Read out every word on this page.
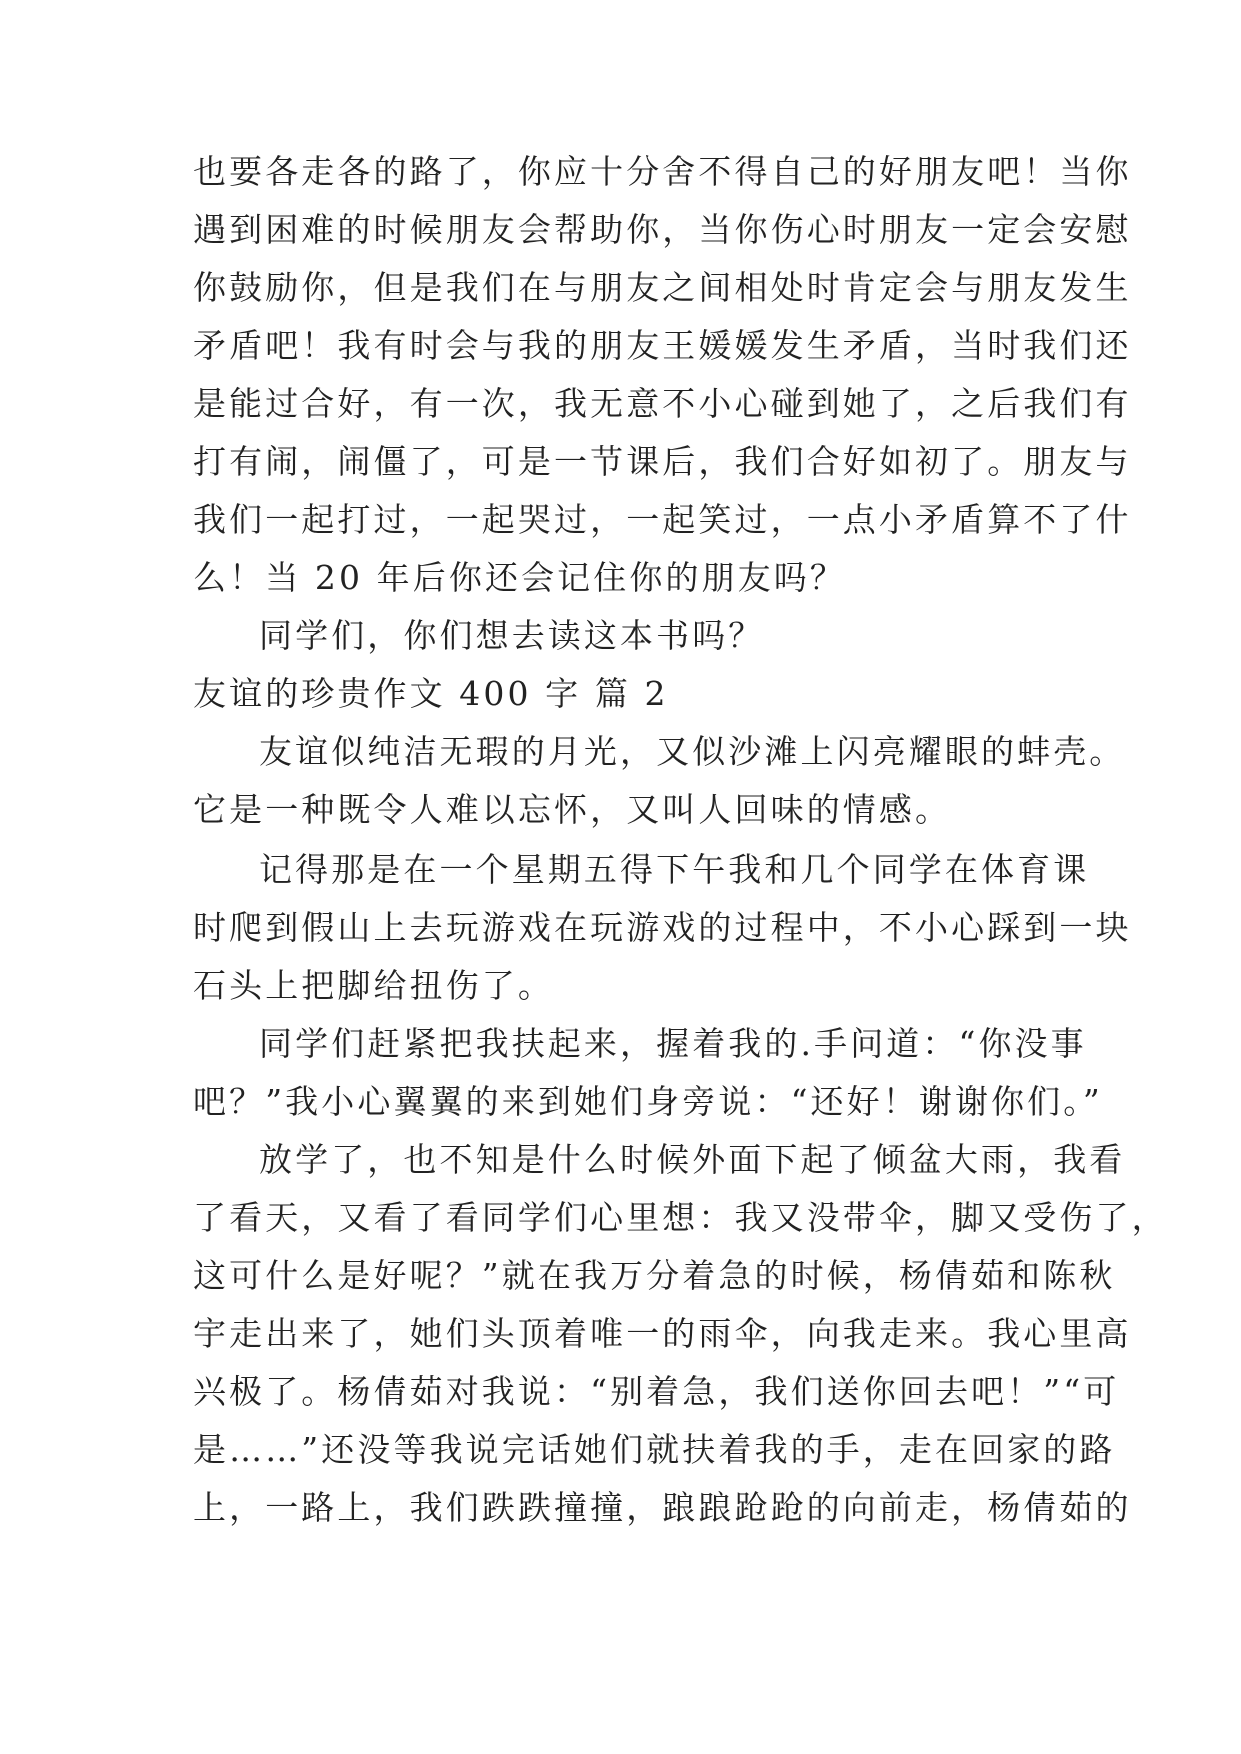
也要各走各的路了，你应十分舍不得自己的好朋友吧！当你
遇到困难的时候朋友会帮助你，当你伤心时朋友一定会安慰
你鼓励你，但是我们在与朋友之间相处时肯定会与朋友发生
矛盾吧！我有时会与我的朋友王媛媛发生矛盾，当时我们还
是能过合好，有一次，我无意不小心碰到她了，之后我们有
打有闹，闹僵了，可是一节课后，我们合好如初了。朋友与
我们一起打过，一起哭过，一起笑过，一点小矛盾算不了什
么！当 20 年后你还会记住你的朋友吗？
同学们，你们想去读这本书吗？
友谊的珍贵作文 400 字 篇 2
友谊似纯洁无瑕的月光，又似沙滩上闪亮耀眼的蚌壳。
它是一种既令人难以忘怀，又叫人回味的情感。
记得那是在一个星期五得下午我和几个同学在体育课
时爬到假山上去玩游戏在玩游戏的过程中，不小心踩到一块
石头上把脚给扭伤了。
同学们赶紧把我扶起来，握着我的.手问道：“你没事
吧？”我小心翼翼的来到她们身旁说：“还好！谢谢你们。”
放学了，也不知是什么时候外面下起了倾盆大雨，我看
了看天，又看了看同学们心里想：我又没带伞，脚又受伤了，
这可什么是好呢？”就在我万分着急的时候，杨倩茹和陈秋
宇走出来了，她们头顶着唯一的雨伞，向我走来。我心里高
兴极了。杨倩茹对我说：“别着急，我们送你回去吧！”“可
是……”还没等我说完话她们就扶着我的手，走在回家的路
上，一路上，我们跌跌撞撞，踉踉跄跄的向前走，杨倩茹的
